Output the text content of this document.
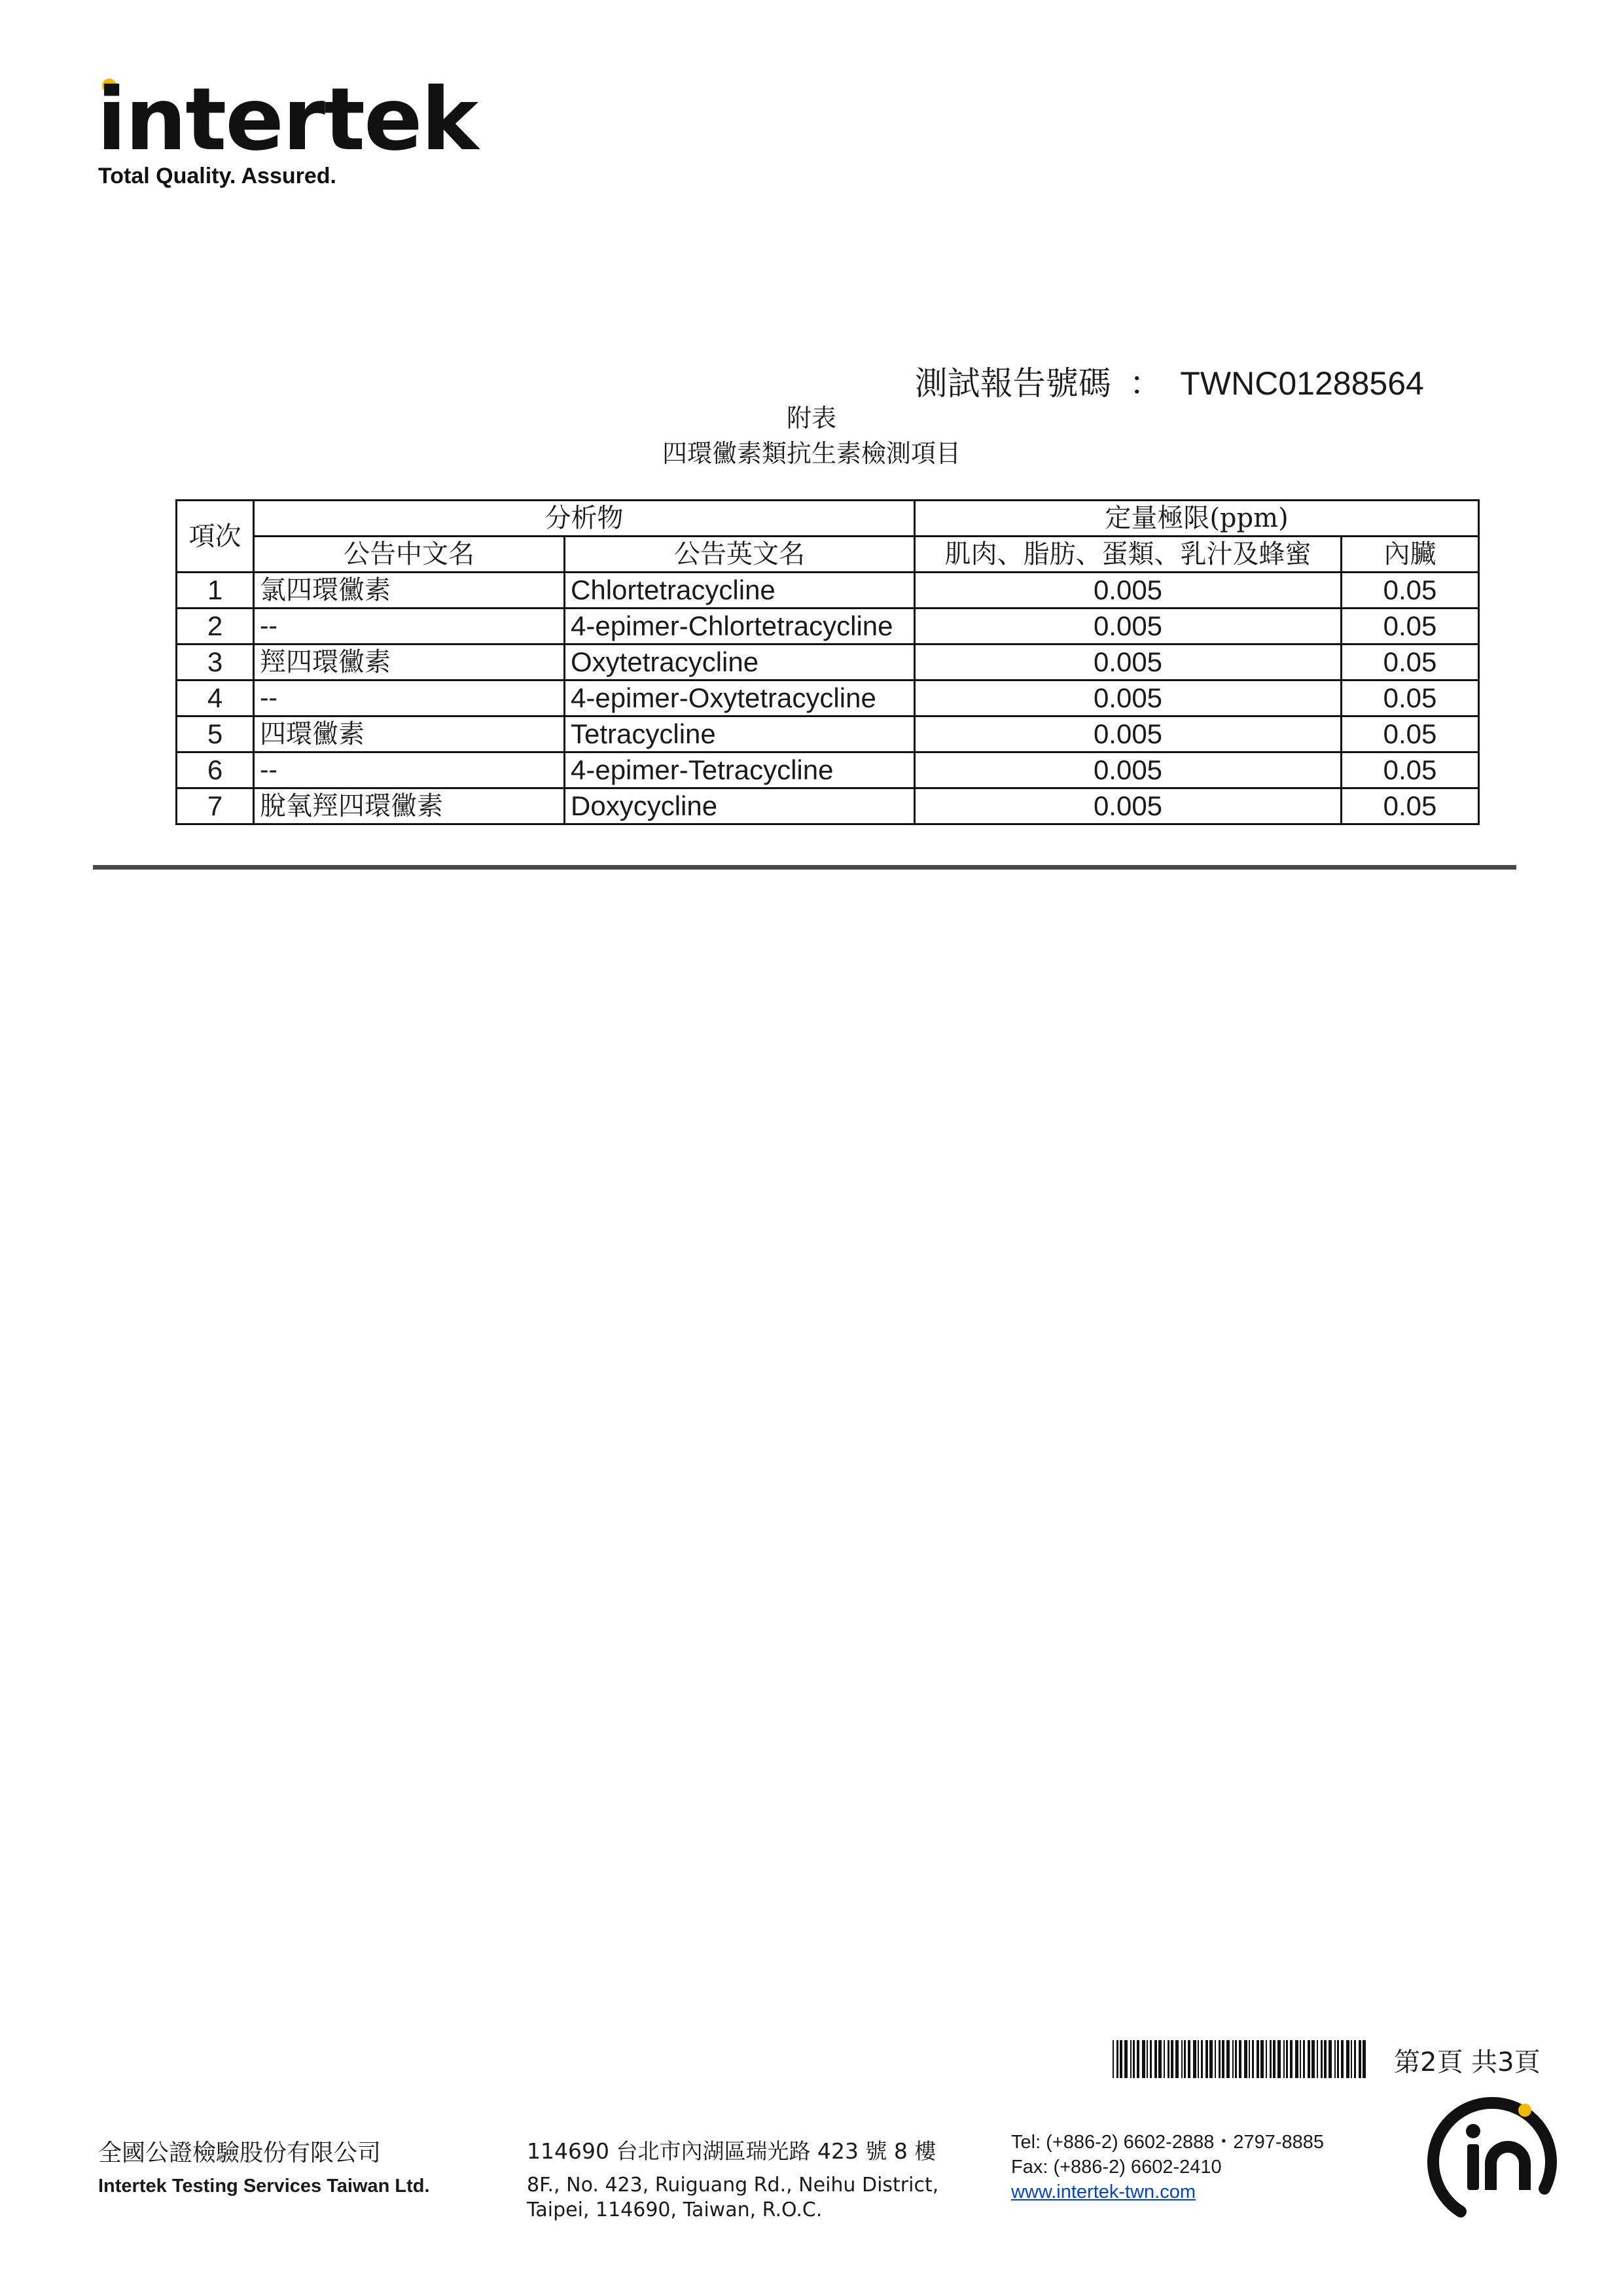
intertek
Total Quality. Assured.

測試報告號碼 ： TWNC01288564

附表
四環黴素類抗生素檢測項目
項次	分析物		定量極限(ppm)	
	公告中文名	公告英文名	肌肉、脂肪、蛋類、乳汁及蜂蜜	內臟
1	氯四環黴素	Chlortetracycline	0.005	0.05
2	--	4-epimer-Chlortetracycline	0.005	0.05
3	羥四環黴素	Oxytetracycline	0.005	0.05
4	--	4-epimer-Oxytetracycline	0.005	0.05
5	四環黴素	Tetracycline	0.005	0.05
6	--	4-epimer-Tetracycline	0.005	0.05
7	脫氧羥四環黴素	Doxycycline	0.005	0.05
第2頁 共3頁
全國公證檢驗股份有限公司
Intertek Testing Services Taiwan Ltd.
114690 台北市內湖區瑞光路 423 號 8 樓
8F., No. 423, Ruiguang Rd., Neihu District,
Taipei, 114690, Taiwan, R.O.C.
Tel: (+886-2) 6602-2888・2797-8885
Fax: (+886-2) 6602-2410
www.intertek-twn.com
